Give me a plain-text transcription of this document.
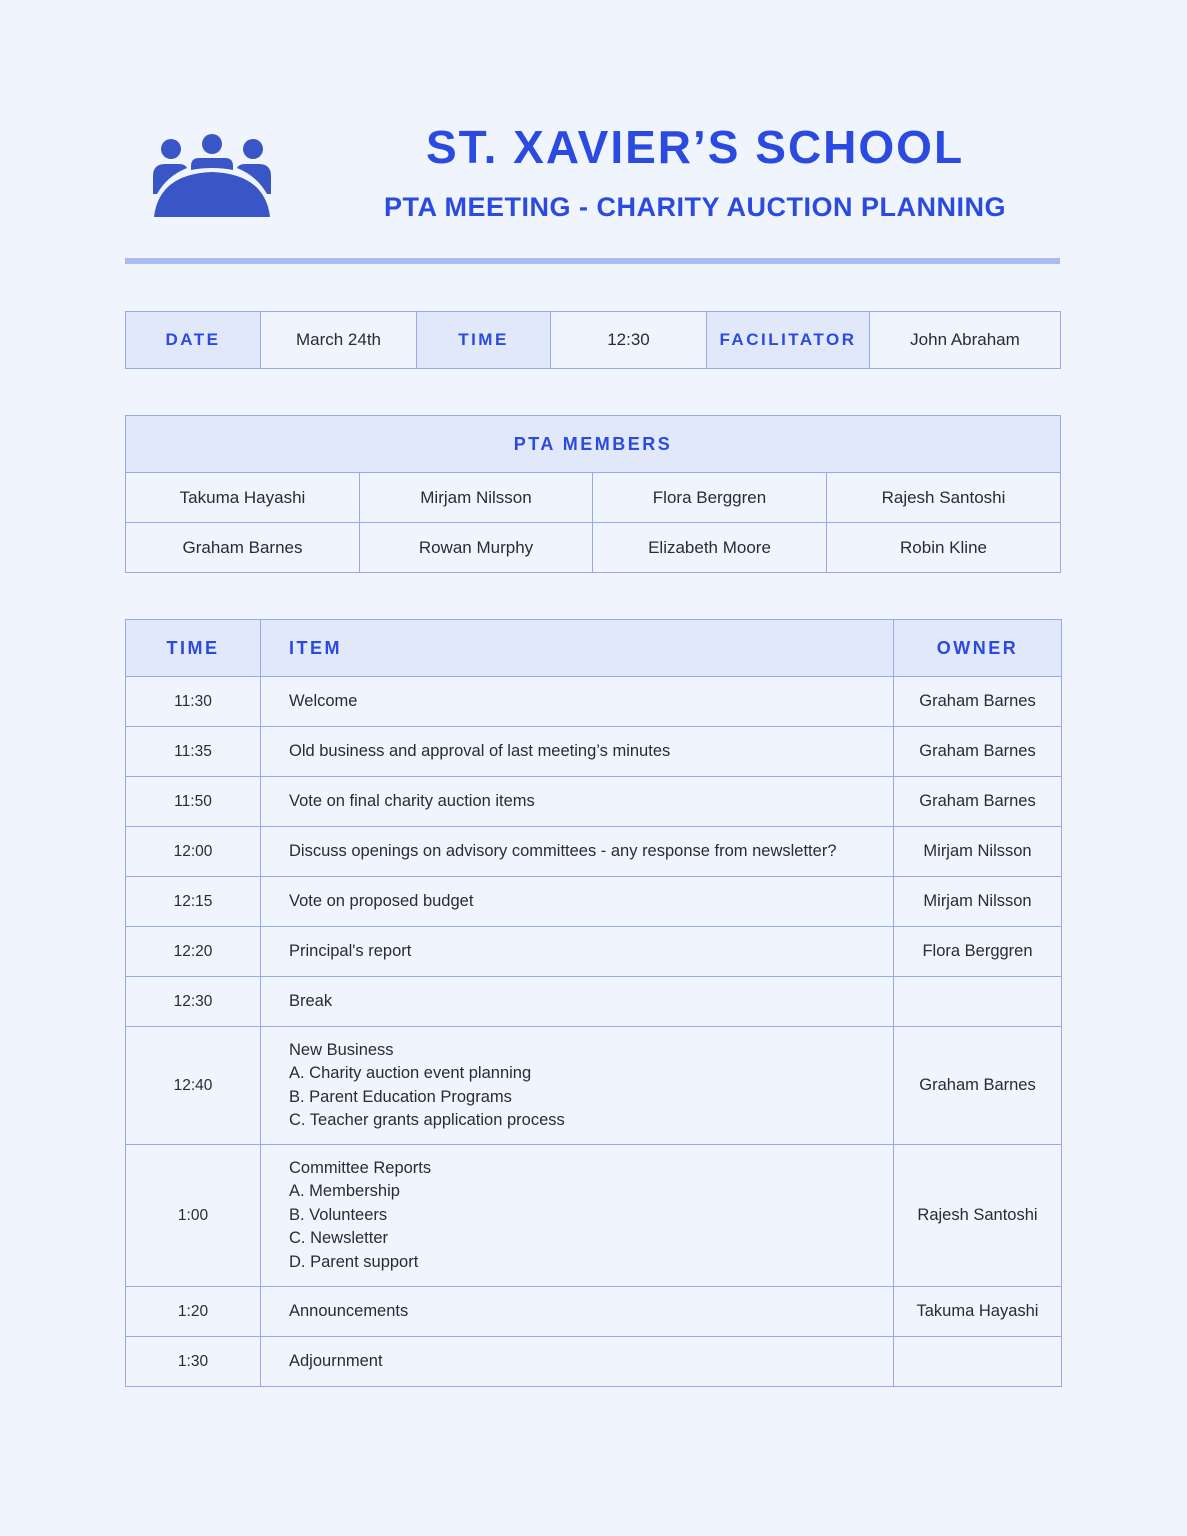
ST. XAVIER’S SCHOOL
PTA MEETING - CHARITY AUCTION PLANNING
DATE	March 24th	TIME	12:30	FACILITATOR	John Abraham
PTA MEMBERS			
Takuma Hayashi	Mirjam Nilsson	Flora Berggren	Rajesh Santoshi
Graham Barnes	Rowan Murphy	Elizabeth Moore	Robin Kline
TIME	ITEM	OWNER
11:30	Welcome	Graham Barnes
11:35	Old business and approval of last meeting’s minutes	Graham Barnes
11:50	Vote on final charity auction items	Graham Barnes
12:00	Discuss openings on advisory committees - any response from newsletter?	Mirjam Nilsson
12:15	Vote on proposed budget	Mirjam Nilsson
12:20	Principal's report	Flora Berggren
12:30	Break	

12:40	New Business
A. Charity auction event planning
B. Parent Education Programs
C. Teacher grants application process	Graham Barnes
1:00	Committee Reports
A. Membership
B. Volunteers
C. Newsletter
D. Parent support	Rajesh Santoshi
1:20	Announcements	Takuma Hayashi
1:30	Adjournment	
